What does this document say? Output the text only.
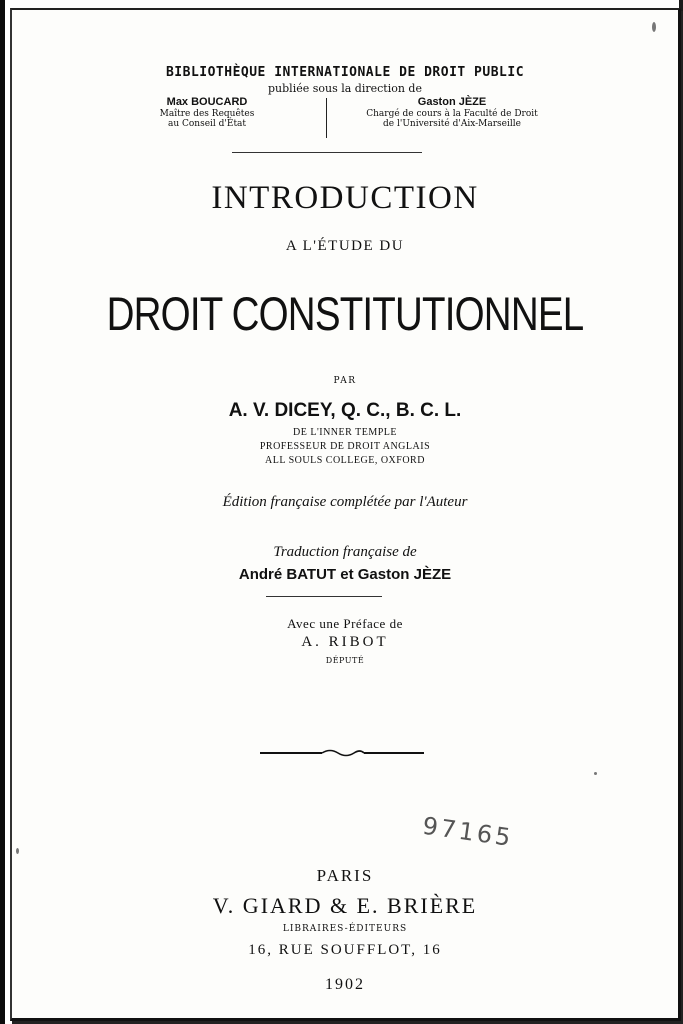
BIBLIOTHÈQUE INTERNATIONALE DE DROIT PUBLIC
publiée sous la direction de
Max BOUCARD
Maître des Requêtes
au Conseil d'État
Gaston JÈZE
Chargé de cours à la Faculté de Droit
de l'Université d'Aix-Marseille
INTRODUCTION
A L'ÉTUDE DU
DROIT CONSTITUTIONNEL
PAR
A. V. DICEY, Q. C., B. C. L.
DE L'INNER TEMPLE
PROFESSEUR DE DROIT ANGLAIS
ALL SOULS COLLEGE, OXFORD
Édition française complétée par l'Auteur
Traduction française de
André BATUT et Gaston JÈZE
Avec une Préface de
A. RIBOT
DÉPUTÉ
97165
PARIS
V. GIARD & E. BRIÈRE
LIBRAIRES-ÉDITEURS
16, RUE SOUFFLOT, 16
1902
